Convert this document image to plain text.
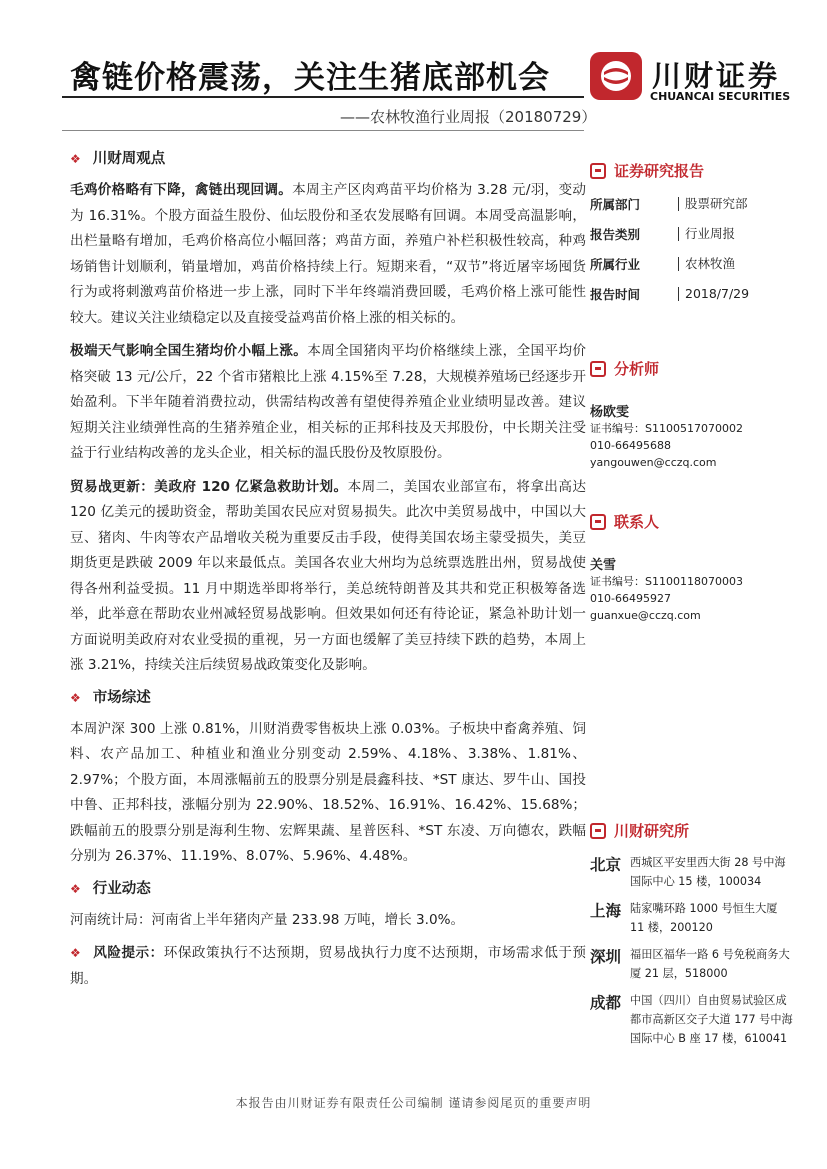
禽链价格震荡，关注生猪底部机会
——农林牧渔行业周报（20180729）
川财证券
CHUANCAI SECURITIES
❖ 川财周观点
毛鸡价格略有下降，禽链出现回调。本周主产区肉鸡苗平均价格为 3.28 元/羽，变动为 16.31%。个股方面益生股份、仙坛股份和圣农发展略有回调。本周受高温影响，出栏量略有增加，毛鸡价格高位小幅回落；鸡苗方面，养殖户补栏积极性较高，种鸡场销售计划顺利，销量增加，鸡苗价格持续上行。短期来看，“双节”将近屠宰场囤货行为或将刺激鸡苗价格进一步上涨，同时下半年终端消费回暖，毛鸡价格上涨可能性较大。建议关注业绩稳定以及直接受益鸡苗价格上涨的相关标的。
极端天气影响全国生猪均价小幅上涨。本周全国猪肉平均价格继续上涨，全国平均价格突破 13 元/公斤，22 个省市猪粮比上涨 4.15%至 7.28，大规模养殖场已经逐步开始盈利。下半年随着消费拉动，供需结构改善有望使得养殖企业业绩明显改善。建议短期关注业绩弹性高的生猪养殖企业，相关标的正邦科技及天邦股份，中长期关注受益于行业结构改善的龙头企业，相关标的温氏股份及牧原股份。
贸易战更新：美政府 120 亿紧急救助计划。本周二，美国农业部宣布，将拿出高达 120 亿美元的援助资金，帮助美国农民应对贸易损失。此次中美贸易战中，中国以大豆、猪肉、牛肉等农产品增收关税为重要反击手段，使得美国农场主蒙受损失，美豆期货更是跌破 2009 年以来最低点。美国各农业大州均为总统票选胜出州，贸易战使得各州利益受损。11 月中期选举即将举行，美总统特朗普及其共和党正积极筹备选举，此举意在帮助农业州减轻贸易战影响。但效果如何还有待论证，紧急补助计划一方面说明美政府对农业受损的重视，另一方面也缓解了美豆持续下跌的趋势，本周上涨 3.21%，持续关注后续贸易战政策变化及影响。
❖ 市场综述
本周沪深 300 上涨 0.81%，川财消费零售板块上涨 0.03%。子板块中畜禽养殖、饲料、农产品加工、种植业和渔业分别变动 2.59%、4.18%、3.38%、1.81%、2.97%；个股方面，本周涨幅前五的股票分别是晨鑫科技、*ST 康达、罗牛山、国投中鲁、正邦科技，涨幅分别为 22.90%、18.52%、16.91%、16.42%、15.68%；跌幅前五的股票分别是海利生物、宏辉果蔬、星普医科、*ST 东凌、万向德农，跌幅分别为 26.37%、11.19%、8.07%、5.96%、4.48%。
❖ 行业动态
河南统计局：河南省上半年猪肉产量 233.98 万吨，增长 3.0%。
❖ 风险提示：环保政策执行不达预期，贸易战执行力度不达预期，市场需求低于预期。
证券研究报告
所属部门	股票研究部
报告类别	行业周报
所属行业	农林牧渔
报告时间	2018/7/29
分析师
杨欧雯
证书编号：S1100517070002
010-66495688
yangouwen@cczq.com
联系人
关雪
证书编号：S1100118070003
010-66495927
guanxue@cczq.com
川财研究所
北京 西城区平安里西大街 28 号中海国际中心 15 楼，100034
上海 陆家嘴环路 1000 号恒生大厦 11 楼，200120
深圳 福田区福华一路 6 号免税商务大厦 21 层，518000
成都 中国（四川）自由贸易试验区成都市高新区交子大道 177 号中海国际中心 B 座 17 楼，610041
本报告由川财证券有限责任公司编制 谨请参阅尾页的重要声明
